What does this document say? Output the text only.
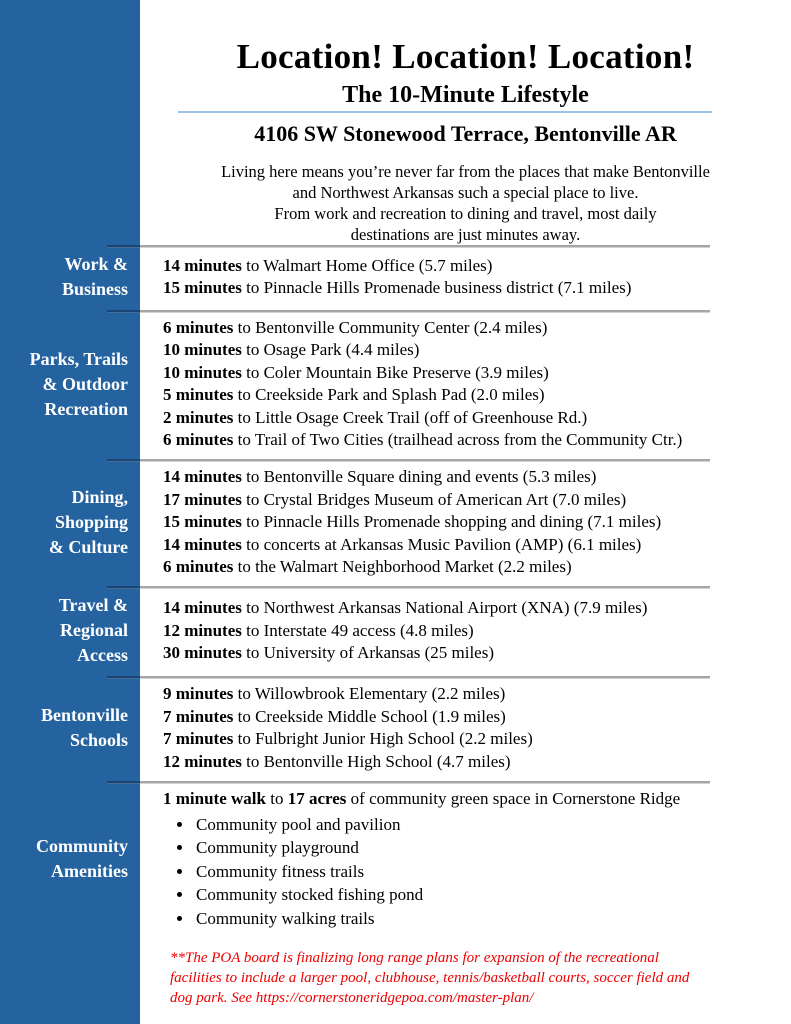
Location! Location! Location!
The 10-Minute Lifestyle
4106 SW Stonewood Terrace, Bentonville AR
Living here means you’re never far from the places that make Bentonville
and Northwest Arkansas such a special place to live.
From work and recreation to dining and travel, most daily
destinations are just minutes away.
Work &
Business
14 minutes to Walmart Home Office (5.7 miles)
15 minutes to Pinnacle Hills Promenade business district (7.1 miles)
Parks, Trails
& Outdoor
Recreation
6 minutes to Bentonville Community Center (2.4 miles)
10 minutes to Osage Park (4.4 miles)
10 minutes to Coler Mountain Bike Preserve (3.9 miles)
5 minutes to Creekside Park and Splash Pad (2.0 miles)
2 minutes to Little Osage Creek Trail (off of Greenhouse Rd.)
6 minutes to Trail of Two Cities (trailhead across from the Community Ctr.)
Dining,
Shopping
& Culture
14 minutes to Bentonville Square dining and events (5.3 miles)
17 minutes to Crystal Bridges Museum of American Art (7.0 miles)
15 minutes to Pinnacle Hills Promenade shopping and dining (7.1 miles)
14 minutes to concerts at Arkansas Music Pavilion (AMP) (6.1 miles)
6 minutes to the Walmart Neighborhood Market (2.2 miles)
Travel &
Regional
Access
14 minutes to Northwest Arkansas National Airport (XNA) (7.9 miles)
12 minutes to Interstate 49 access (4.8 miles)
30 minutes to University of Arkansas (25 miles)
Bentonville
Schools
9 minutes to Willowbrook Elementary (2.2 miles)
7 minutes to Creekside Middle School (1.9 miles)
7 minutes to Fulbright Junior High School (2.2 miles)
12 minutes to Bentonville High School (4.7 miles)
Community
Amenities
1 minute walk to 17 acres of community green space in Cornerstone Ridge
• Community pool and pavilion
• Community playground
• Community fitness trails
• Community stocked fishing pond
• Community walking trails
**The POA board is finalizing long range plans for expansion of the recreational
facilities to include a larger pool, clubhouse, tennis/basketball courts, soccer field and
dog park. See https://cornerstoneridgepoa.com/master-plan/
